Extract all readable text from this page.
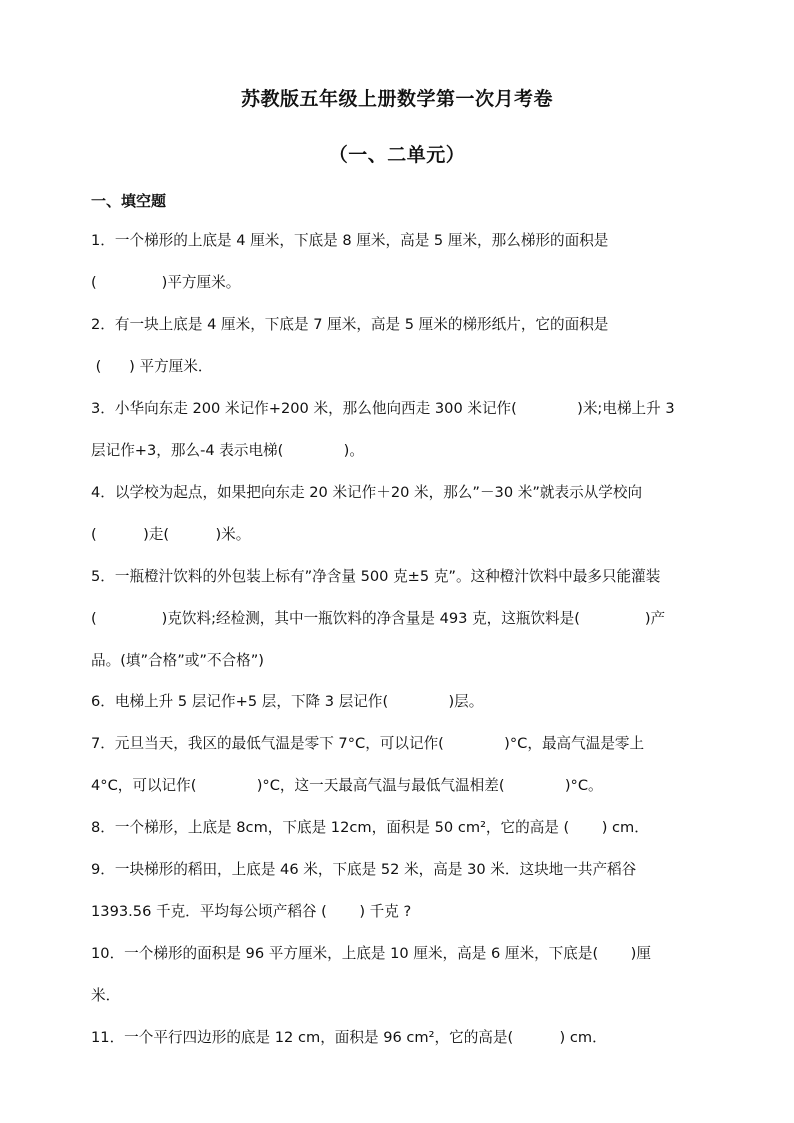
苏教版五年级上册数学第一次月考卷
（一、二单元）
一、填空题
1．一个梯形的上底是 4 厘米，下底是 8 厘米，高是 5 厘米，那么梯形的面积是
(              )平方厘米。
2．有一块上底是 4 厘米，下底是 7 厘米，高是 5 厘米的梯形纸片，它的面积是
(      ) 平方厘米．
3．小华向东走 200 米记作+200 米，那么他向西走 300 米记作(             )米;电梯上升 3
层记作+3，那么-4 表示电梯(             )。
4．以学校为起点，如果把向东走 20 米记作＋20 米，那么”－30 米”就表示从学校向
(          )走(          )米。
5．一瓶橙汁饮料的外包装上标有”净含量 500 克±5 克”。这种橙汁饮料中最多只能灌装
(              )克饮料;经检测，其中一瓶饮料的净含量是 493 克，这瓶饮料是(              )产
品。(填”合格”或”不合格”)
6．电梯上升 5 层记作+5 层，下降 3 层记作(             )层。
7．元旦当天，我区的最低气温是零下 7°C，可以记作(             )°C，最高气温是零上
4°C，可以记作(             )°C，这一天最高气温与最低气温相差(             )°C。
8．一个梯形，上底是 8cm，下底是 12cm，面积是 50 cm²，它的高是 (       ) cm．
9．一块梯形的稻田，上底是 46 米，下底是 52 米，高是 30 米．这块地一共产稻谷
1393.56 千克．平均每公顷产稻谷 (       ) 千克 ?
10．一个梯形的面积是 96 平方厘米，上底是 10 厘米，高是 6 厘米，下底是(       )厘
米．
11．一个平行四边形的底是 12 cm，面积是 96 cm²，它的高是(          ) cm．
